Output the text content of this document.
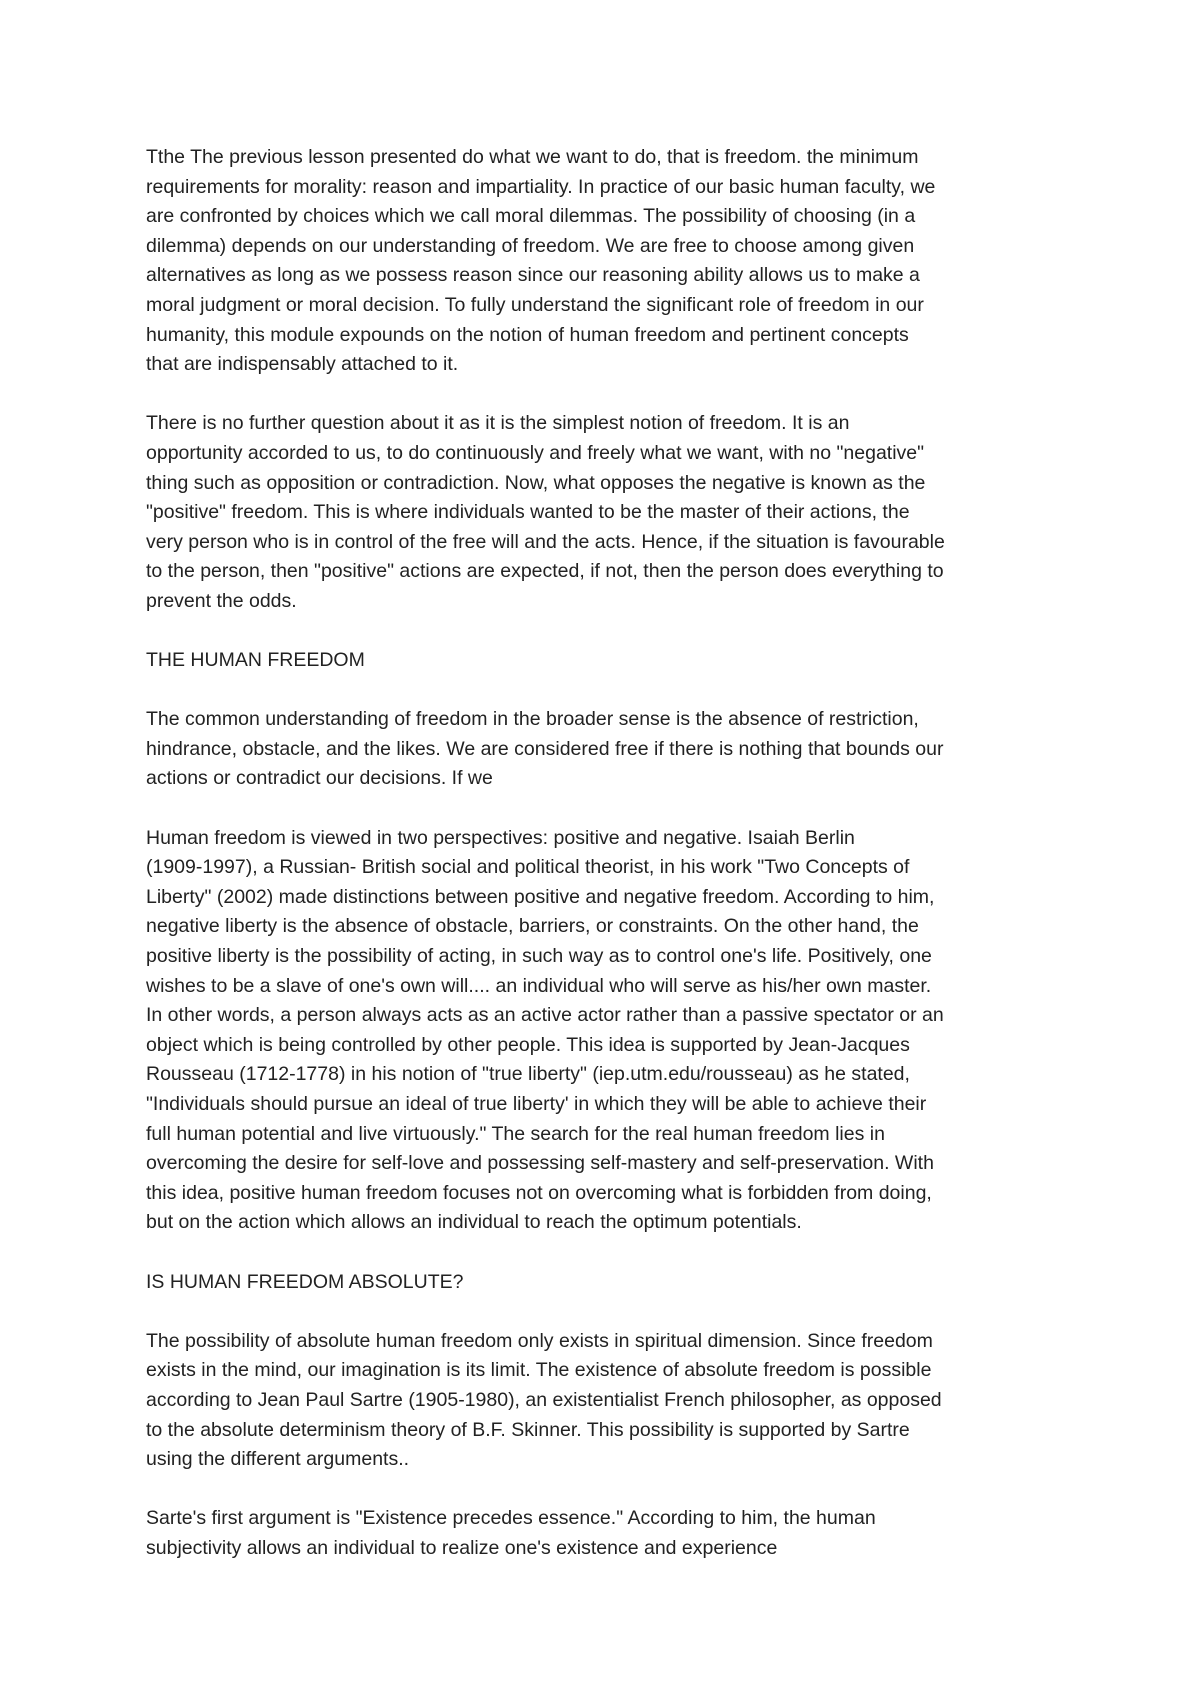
Tthe The previous lesson presented do what we want to do, that is freedom. the minimum
requirements for morality: reason and impartiality. In practice of our basic human faculty, we
are confronted by choices which we call moral dilemmas. The possibility of choosing (in a
dilemma) depends on our understanding of freedom. We are free to choose among given
alternatives as long as we possess reason since our reasoning ability allows us to make a
moral judgment or moral decision. To fully understand the significant role of freedom in our
humanity, this module expounds on the notion of human freedom and pertinent concepts
that are indispensably attached to it.

There is no further question about it as it is the simplest notion of freedom. It is an
opportunity accorded to us, to do continuously and freely what we want, with no "negative"
thing such as opposition or contradiction. Now, what opposes the negative is known as the
"positive" freedom. This is where individuals wanted to be the master of their actions, the
very person who is in control of the free will and the acts. Hence, if the situation is favourable
to the person, then "positive" actions are expected, if not, then the person does everything to
prevent the odds.

THE HUMAN FREEDOM

The common understanding of freedom in the broader sense is the absence of restriction,
hindrance, obstacle, and the likes. We are considered free if there is nothing that bounds our
actions or contradict our decisions. If we

Human freedom is viewed in two perspectives: positive and negative. Isaiah Berlin
(1909-1997), a Russian- British social and political theorist, in his work "Two Concepts of
Liberty" (2002) made distinctions between positive and negative freedom. According to him,
negative liberty is the absence of obstacle, barriers, or constraints. On the other hand, the
positive liberty is the possibility of acting, in such way as to control one's life. Positively, one
wishes to be a slave of one's own will.... an individual who will serve as his/her own master.
In other words, a person always acts as an active actor rather than a passive spectator or an
object which is being controlled by other people. This idea is supported by Jean-Jacques
Rousseau (1712-1778) in his notion of "true liberty" (iep.utm.edu/rousseau) as he stated,
"Individuals should pursue an ideal of true liberty' in which they will be able to achieve their
full human potential and live virtuously." The search for the real human freedom lies in
overcoming the desire for self-love and possessing self-mastery and self-preservation. With
this idea, positive human freedom focuses not on overcoming what is forbidden from doing,
but on the action which allows an individual to reach the optimum potentials.

IS HUMAN FREEDOM ABSOLUTE?

The possibility of absolute human freedom only exists in spiritual dimension. Since freedom
exists in the mind, our imagination is its limit. The existence of absolute freedom is possible
according to Jean Paul Sartre (1905-1980), an existentialist French philosopher, as opposed
to the absolute determinism theory of B.F. Skinner. This possibility is supported by Sartre
using the different arguments..

Sarte's first argument is "Existence precedes essence." According to him, the human
subjectivity allows an individual to realize one's existence and experience
